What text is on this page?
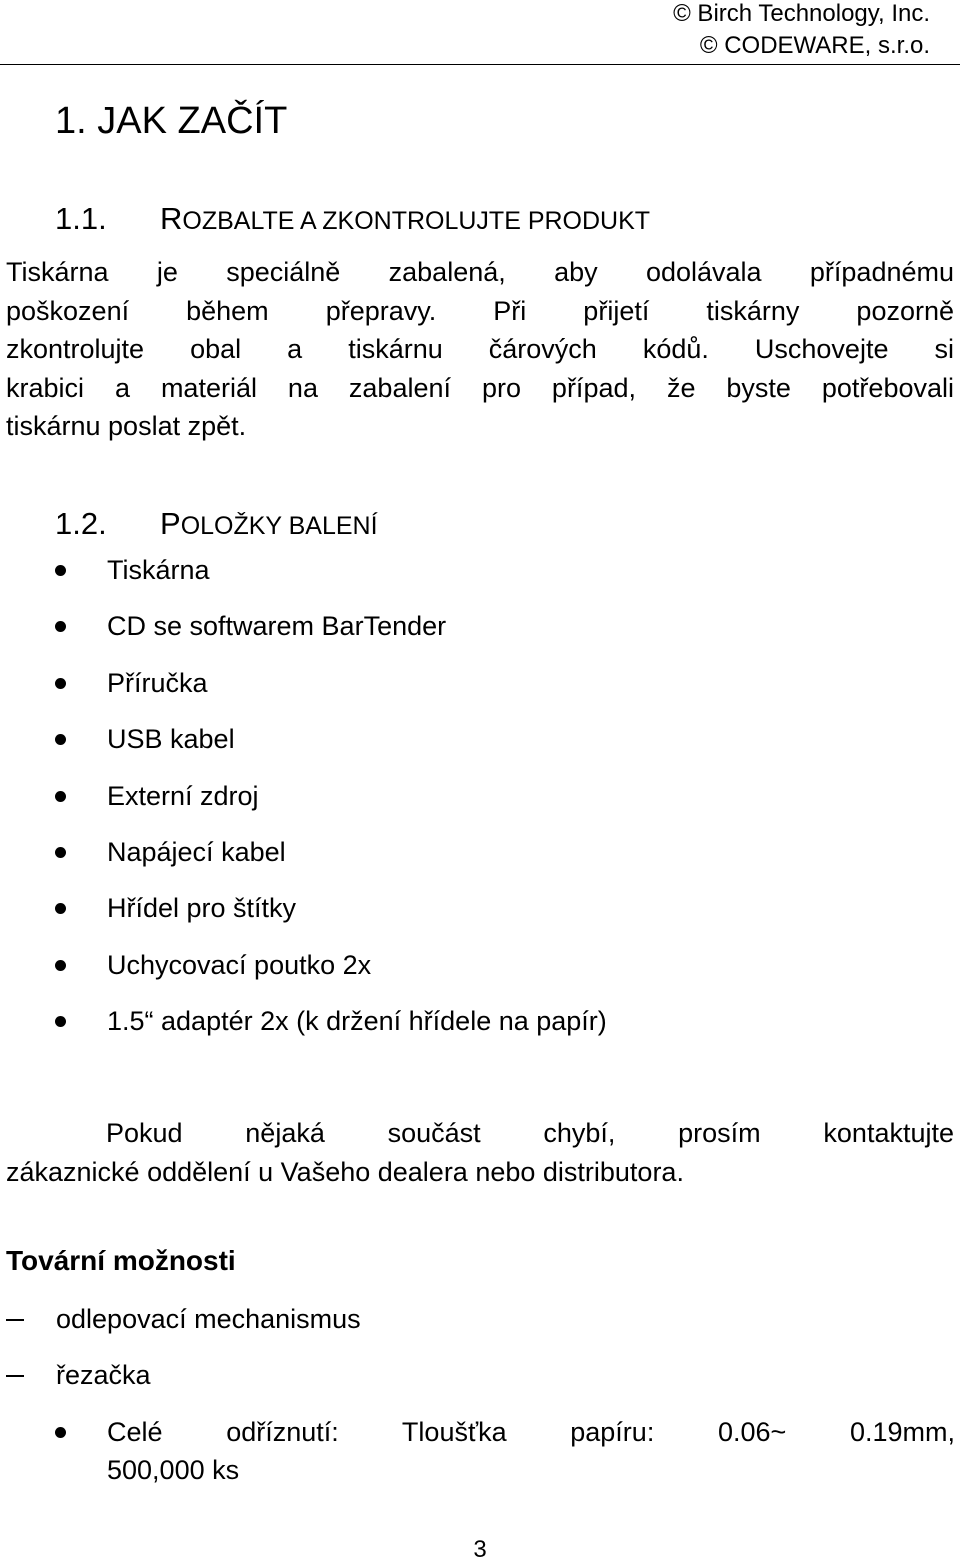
© Birch Technology, Inc.
© CODEWARE, s.r.o.
1. JAK ZAČÍT
1.1. ROZBALTE A ZKONTROLUJTE PRODUKT
Tiskárna je speciálně zabalená, aby odolávala případnému
poškození během přepravy. Při přijetí tiskárny pozorně
zkontrolujte obal a tiskárnu čárových kódů. Uschovejte si
krabici a materiál na zabalení pro případ, že byste potřebovali
tiskárnu poslat zpět.
1.2. POLOŽKY BALENÍ
Tiskárna
CD se softwarem BarTender
Příručka
USB kabel
Externí zdroj
Napájecí kabel
Hřídel pro štítky
Uchycovací poutko 2x
1.5“ adaptér 2x (k držení hřídele na papír)
Pokud nějaká součást chybí, prosím kontaktujte
zákaznické oddělení u Vašeho dealera nebo distributora.
Tovární možnosti
odlepovací mechanismus
řezačka
Celé odříznutí: Tloušťka papíru: 0.06~ 0.19mm,
500,000 ks
3
